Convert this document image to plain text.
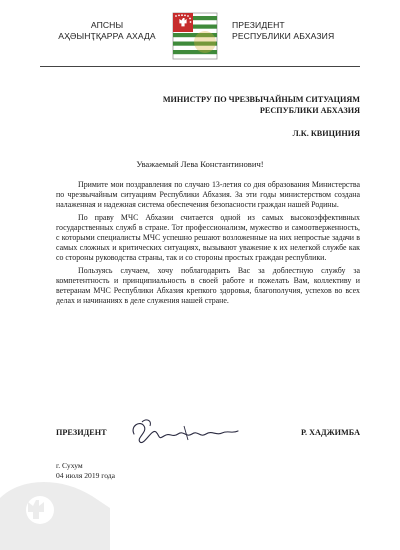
АПСНЫ
АҲӘЫНҬҚАРРА АХАДА
ПРЕЗИДЕНТ
РЕСПУБЛИКИ АБХАЗИЯ
МИНИСТРУ ПО ЧРЕЗВЫЧАЙНЫМ СИТУАЦИЯМ
РЕСПУБЛИКИ АБХАЗИЯ
Л.К. КВИЦИНИЯ
Уважаемый Лева Константинович!

Примите мои поздравления по случаю 13-летия со дня образования Министерства по чрезвычайным ситуациям Республики Абхазия. За эти годы министерством создана налаженная и надежная система обеспечения безопасности граждан нашей Родины.

По праву МЧС Абхазии считается одной из самых высокоэффективных государственных служб в стране. Тот профессионализм, мужество и самоотверженность, с которыми специалисты МЧС успешно решают возложенные на них непростые задачи в самых сложных и критических ситуациях, вызывают уважение к их нелегкой службе как со стороны руководства страны, так и со стороны простых граждан республики.

Пользуясь случаем, хочу поблагодарить Вас за доблестную службу за компетентность и принципиальность в своей работе и пожелать Вам, коллективу и ветеранам МЧС Республики Абхазия крепкого здоровья, благополучия, успехов во всех делах и начинаниях в деле служения нашей стране.

ПРЕЗИДЕНТ	Р. ХАДЖИМБА
г. Сухум
04 июля 2019 года
